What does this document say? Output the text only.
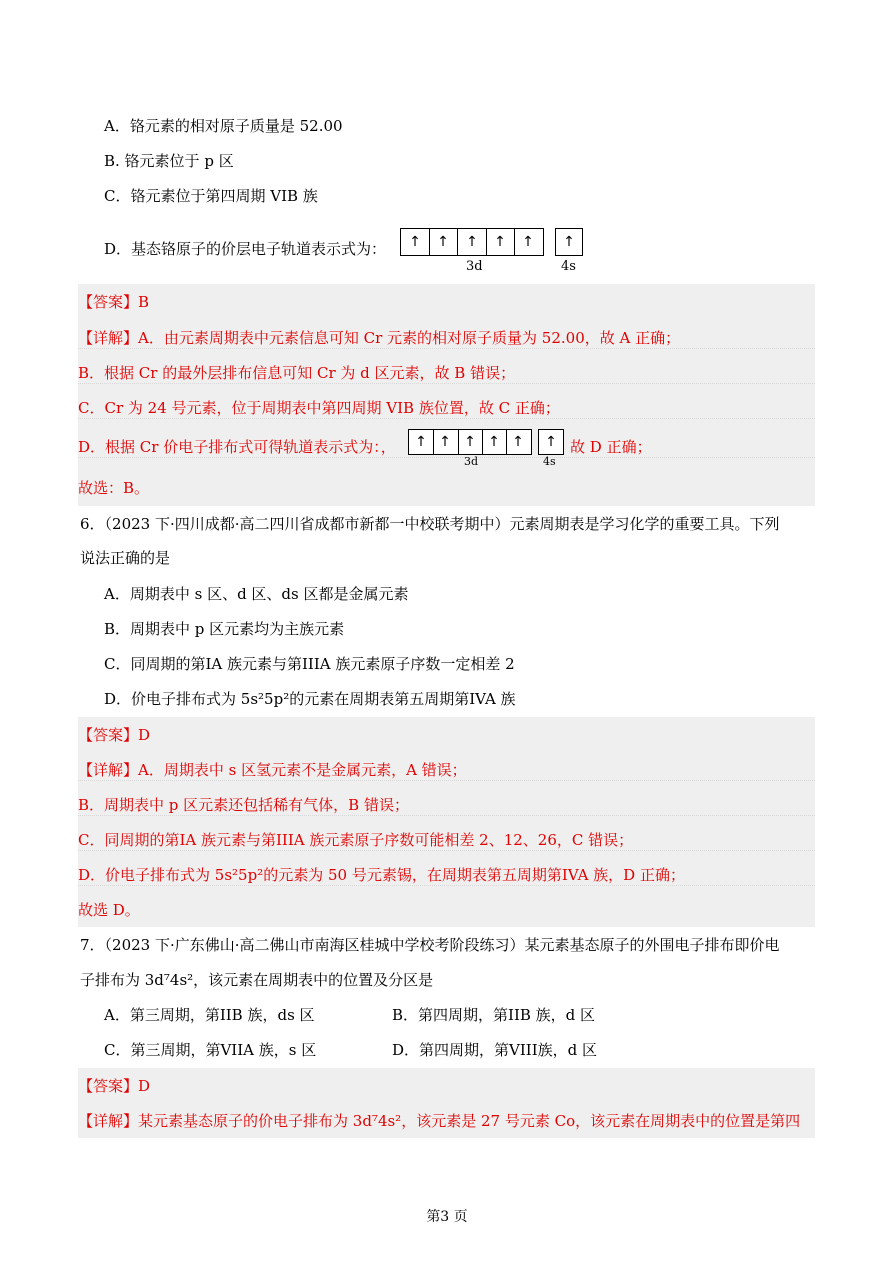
A．铬元素的相对原子质量是 52.00
B. 铬元素位于 p 区
C．铬元素位于第四周期 VIB 族
D．基态铬原子的价层电子轨道表示式为： ↑ ↑ ↑ ↑ ↑ ↑
3d	4s
【答案】B
【详解】A．由元素周期表中元素信息可知 Cr 元素的相对原子质量为 52.00，故 A 正确；
B．根据 Cr 的最外层排布信息可知 Cr 为 d 区元素，故 B 错误；
C．Cr 为 24 号元素，位于周期表中第四周期 VIB 族位置，故 C 正确；
D．根据 Cr 价电子排布式可得轨道表示式为：，	↑ ↑ ↑ ↑ ↑ ↑
3d	4s
故 D 正确；
故选：B。
6．（2023 下·四川成都·高二四川省成都市新都一中校联考期中）元素周期表是学习化学的重要工具。下列
说法正确的是
A．周期表中 s 区、d 区、ds 区都是金属元素
B．周期表中 p 区元素均为主族元素
C．同周期的第IA 族元素与第IIIA 族元素原子序数一定相差 2
D．价电子排布式为 5s²5p²的元素在周期表第五周期第IVA 族
【答案】D
【详解】A．周期表中 s 区氢元素不是金属元素，A 错误；
B．周期表中 p 区元素还包括稀有气体，B 错误；
C．同周期的第IA 族元素与第IIIA 族元素原子序数可能相差 2、12、26，C 错误；
D．价电子排布式为 5s²5p²的元素为 50 号元素锡，在周期表第五周期第IVA 族，D 正确；
故选 D。
7．（2023 下·广东佛山·高二佛山市南海区桂城中学校考阶段练习）某元素基态原子的外围电子排布即价电
子排布为 3d⁷4s²，该元素在周期表中的位置及分区是
A．第三周期，第IIB 族，ds 区	B．第四周期，第IIB 族，d 区
C．第三周期，第VIIA 族，s 区	D．第四周期，第VIII族，d 区
【答案】D
【详解】某元素基态原子的价电子排布为 3d⁷4s²，该元素是 27 号元素 Co，该元素在周期表中的位置是第四
第3 页
